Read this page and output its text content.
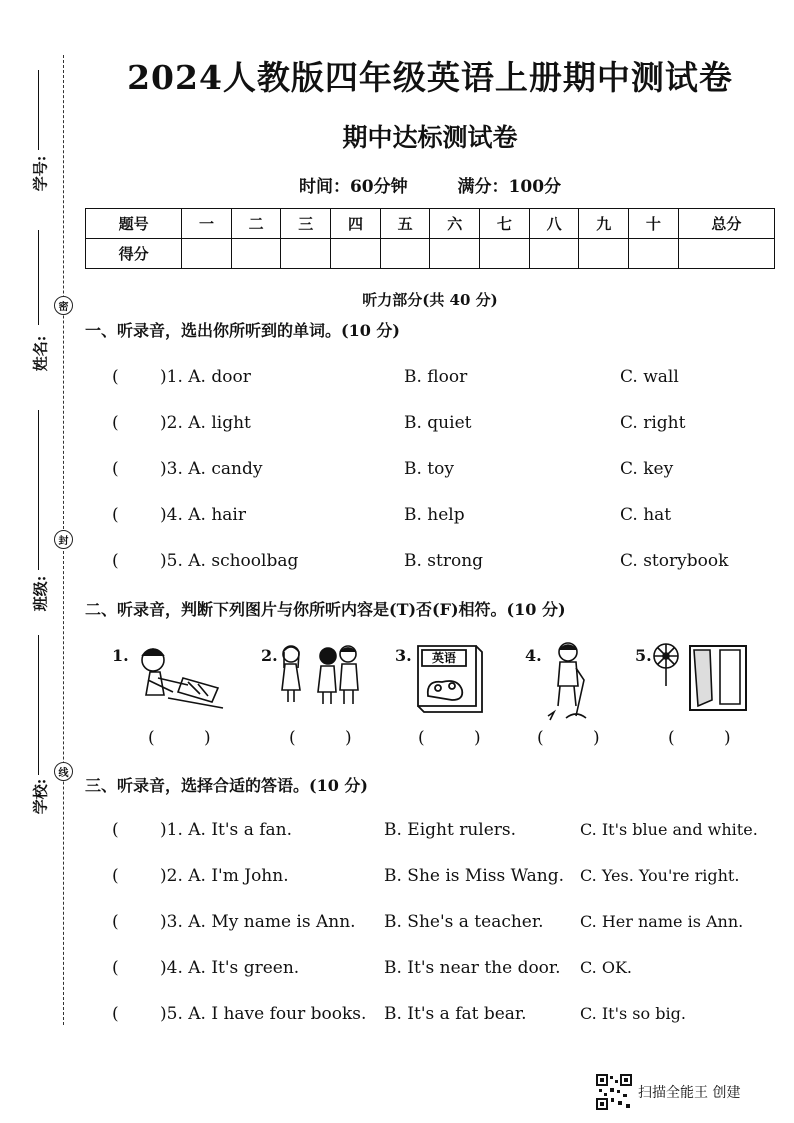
学号:
姓名:
班级:
学校:
密
封
线
2024人教版四年级英语上册期中测试卷
期中达标测试卷
时间：60分钟	满分：100分
题号	一	二	三	四	五	六	七	八	九	十	总分
得分											
听力部分(共 40 分)
一、听录音，选出你所听到的单词。(10 分)
( )1. A. door	B. floor	C. wall
( )2. A. light	B. quiet	C. right
( )3. A. candy	B. toy	C. key
( )4. A. hair	B. help	C. hat
( )5. A. schoolbag	B. strong	C. storybook
二、听录音，判断下列图片与你所听内容是(T)否(F)相符。(10 分)
1.	2.	3. 英语	4.	5.
( )	( )	( ) ( )	( )
三、听录音，选择合适的答语。(10 分)
( )1. A. It's a fan.	B. Eight rulers.	C. It's blue and white.
( )2. A. I'm John.	B. She is Miss Wang. C. Yes. You're right.
( )3. A. My name is Ann. B. She's a teacher. C. Her name is Ann.
( )4. A. It's green.	B. It's near the door. C. OK.
( )5. A. I have four books. B. It's a fat bear.	C. It's so big.
扫描全能王 创建
